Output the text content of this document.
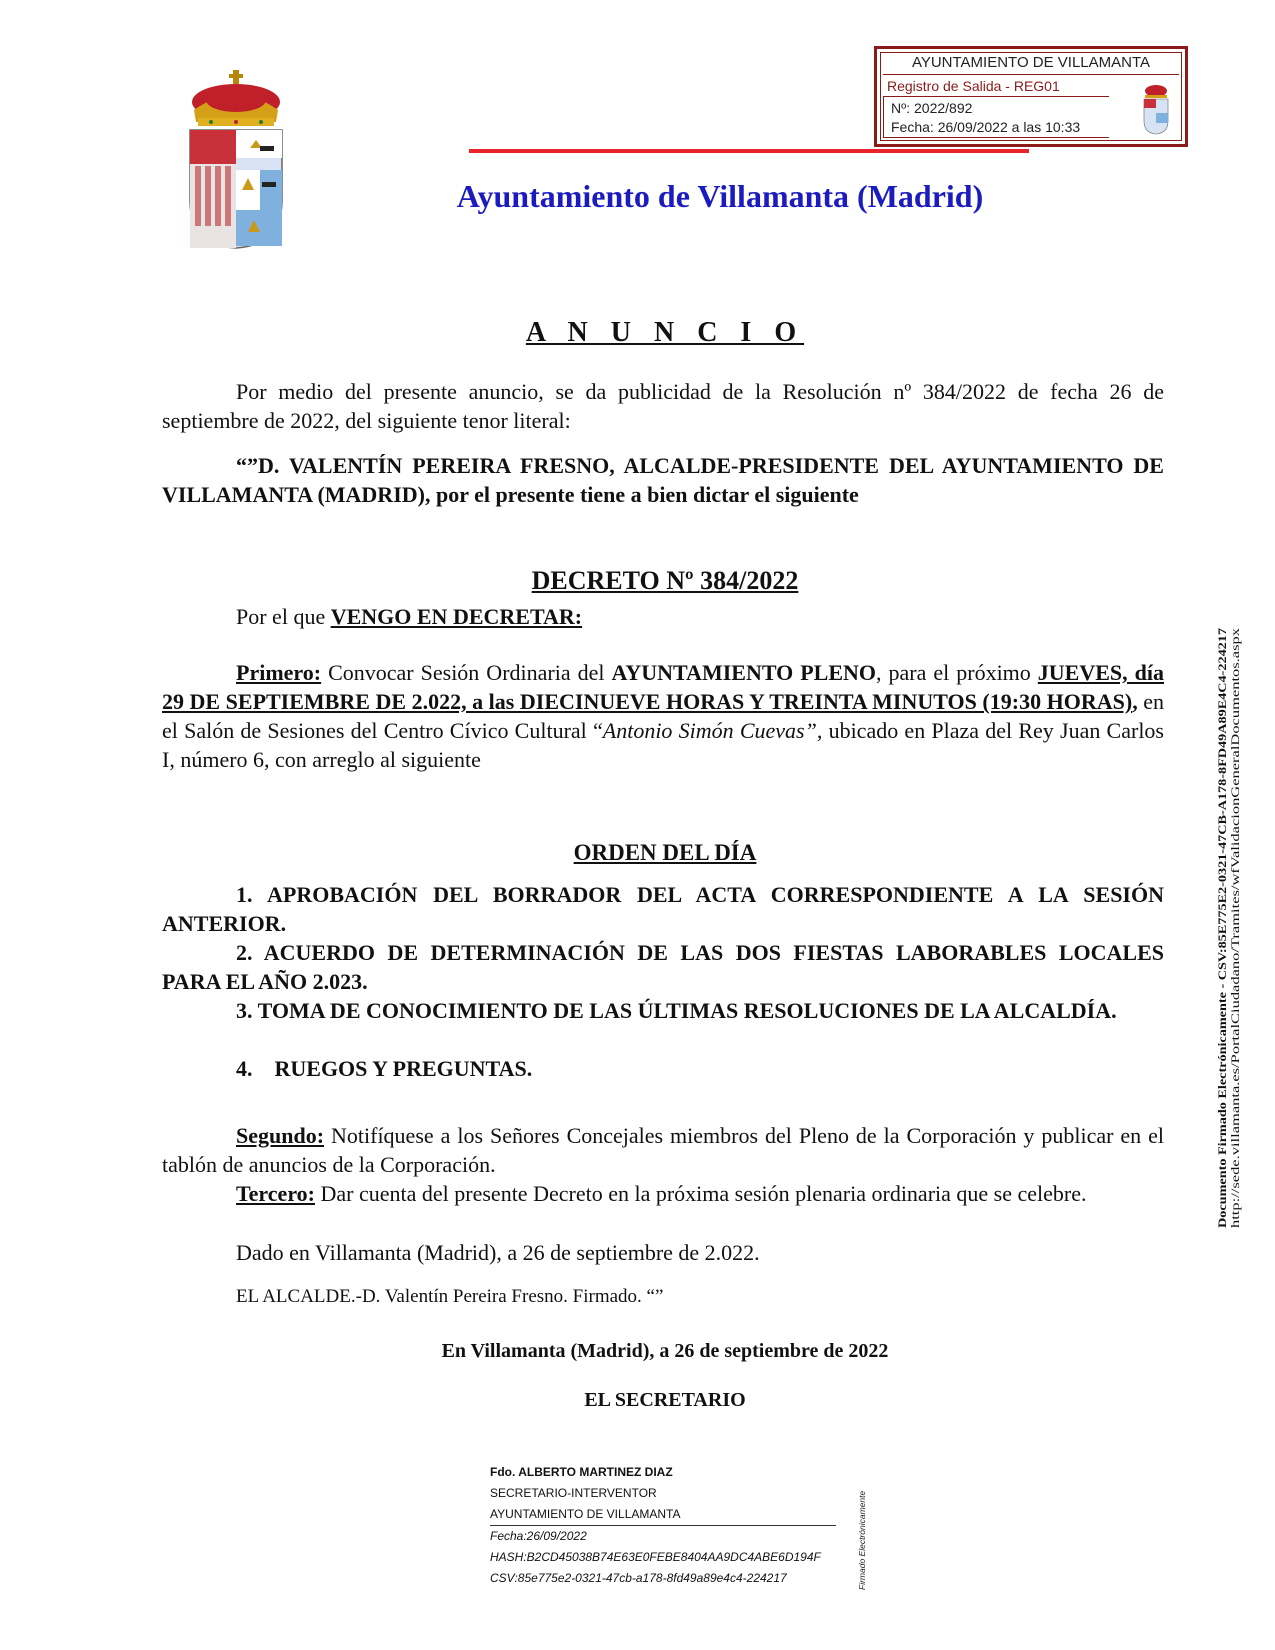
AYUNTAMIENTO DE VILLAMANTA
Registro de Salida - REG01
Nº: 2022/892
Fecha: 26/09/2022 a las 10:33
Ayuntamiento de Villamanta (Madrid)
A N U N C I O
Por medio del presente anuncio, se da publicidad de la Resolución nº 384/2022 de fecha 26 de septiembre de 2022, del siguiente tenor literal:
“”D. VALENTÍN PEREIRA FRESNO, ALCALDE-PRESIDENTE DEL AYUNTAMIENTO DE VILLAMANTA (MADRID), por el presente tiene a bien dictar el siguiente
DECRETO Nº 384/2022
Por el que VENGO EN DECRETAR:
Primero: Convocar Sesión Ordinaria del AYUNTAMIENTO PLENO, para el próximo JUEVES, día 29 DE SEPTIEMBRE DE 2.022, a las DIECINUEVE HORAS Y TREINTA MINUTOS (19:30 HORAS), en el Salón de Sesiones del Centro Cívico Cultural “Antonio Simón Cuevas”, ubicado en Plaza del Rey Juan Carlos I, número 6, con arreglo al siguiente
ORDEN DEL DÍA
1. APROBACIÓN DEL BORRADOR DEL ACTA CORRESPONDIENTE A LA SESIÓN ANTERIOR.
2. ACUERDO DE DETERMINACIÓN DE LAS DOS FIESTAS LABORABLES LOCALES PARA EL AÑO 2.023.
3. TOMA DE CONOCIMIENTO DE LAS ÚLTIMAS RESOLUCIONES DE LA ALCALDÍA.
4.    RUEGOS Y PREGUNTAS.
Segundo: Notifíquese a los Señores Concejales miembros del Pleno de la Corporación y publicar en el tablón de anuncios de la Corporación.
Tercero: Dar cuenta del presente Decreto en la próxima sesión plenaria ordinaria que se celebre.
Dado en Villamanta (Madrid), a 26 de septiembre de 2.022.
EL ALCALDE.-D. Valentín Pereira Fresno. Firmado. “”
En Villamanta (Madrid), a 26 de septiembre de 2022
EL SECRETARIO
Fdo. ALBERTO MARTINEZ DIAZ
SECRETARIO-INTERVENTOR
AYUNTAMIENTO DE VILLAMANTA

Fecha:26/09/2022
HASH:B2CD45038B74E63E0FEBE8404AA9DC4ABE6D194F
CSV:85e775e2-0321-47cb-a178-8fd49a89e4c4-224217	Firmado Electrónicamente
Documento Firmado Electrónicamente - CSV:85E775E2-0321-47CB-A178-8FD49A89E4C4-224217 http://sede.villamanta.es/PortalCiudadano/Tramites/wfValidacionGeneralDocumentos.aspx
